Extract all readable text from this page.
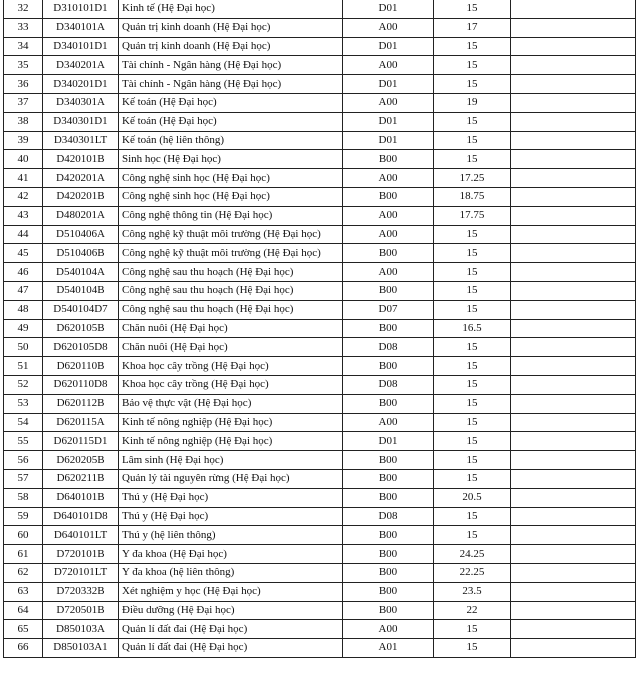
32	D310101D1	Kinh tế (Hệ Đại học)	D01	15	
33	D340101A	Quản trị kinh doanh (Hệ Đại học)	A00	17	
34	D340101D1	Quản trị kinh doanh (Hệ Đại học)	D01	15	
35	D340201A	Tài chính - Ngân hàng (Hệ Đại học)	A00	15	
36	D340201D1	Tài chính - Ngân hàng (Hệ Đại học)	D01	15	
37	D340301A	Kế toán (Hệ Đại học)	A00	19	
38	D340301D1	Kế toán (Hệ Đại học)	D01	15	
39	D340301LT	Kế toán (hệ liên thông)	D01	15	
40	D420101B	Sinh học (Hệ Đại học)	B00	15	
41	D420201A	Công nghệ sinh học (Hệ Đại học)	A00	17.25	
42	D420201B	Công nghệ sinh học (Hệ Đại học)	B00	18.75	
43	D480201A	Công nghệ thông tin (Hệ Đại học)	A00	17.75	
44	D510406A	Công nghệ kỹ thuật môi trường (Hệ Đại học)	A00	15	
45	D510406B	Công nghệ kỹ thuật môi trường (Hệ Đại học)	B00	15	
46	D540104A	Công nghệ sau thu hoạch (Hệ Đại học)	A00	15	
47	D540104B	Công nghệ sau thu hoạch (Hệ Đại học)	B00	15	
48	D540104D7	Công nghệ sau thu hoạch (Hệ Đại học)	D07	15	
49	D620105B	Chăn nuôi (Hệ Đại học)	B00	16.5	
50	D620105D8	Chăn nuôi (Hệ Đại học)	D08	15	
51	D620110B	Khoa học cây trồng (Hệ Đại học)	B00	15	
52	D620110D8	Khoa học cây trồng (Hệ Đại học)	D08	15	
53	D620112B	Bảo vệ thực vật (Hệ Đại học)	B00	15	
54	D620115A	Kinh tế nông nghiệp (Hệ Đại học)	A00	15	
55	D620115D1	Kinh tế nông nghiệp (Hệ Đại học)	D01	15	
56	D620205B	Lâm sinh (Hệ Đại học)	B00	15	
57	D620211B	Quản lý tài nguyên rừng (Hệ Đại học)	B00	15	
58	D640101B	Thú y (Hệ Đại học)	B00	20.5	
59	D640101D8	Thú y (Hệ Đại học)	D08	15	
60	D640101LT	Thú y (hệ liên thông)	B00	15	
61	D720101B	Y đa khoa (Hệ Đại học)	B00	24.25	
62	D720101LT	Y đa khoa (hệ liên thông)	B00	22.25	
63	D720332B	Xét nghiệm y học (Hệ Đại học)	B00	23.5	
64	D720501B	Điều dưỡng (Hệ Đại học)	B00	22	
65	D850103A	Quản lí đất đai (Hệ Đại học)	A00	15	
66	D850103A1	Quản lí đất đai (Hệ Đại học)	A01	15	
